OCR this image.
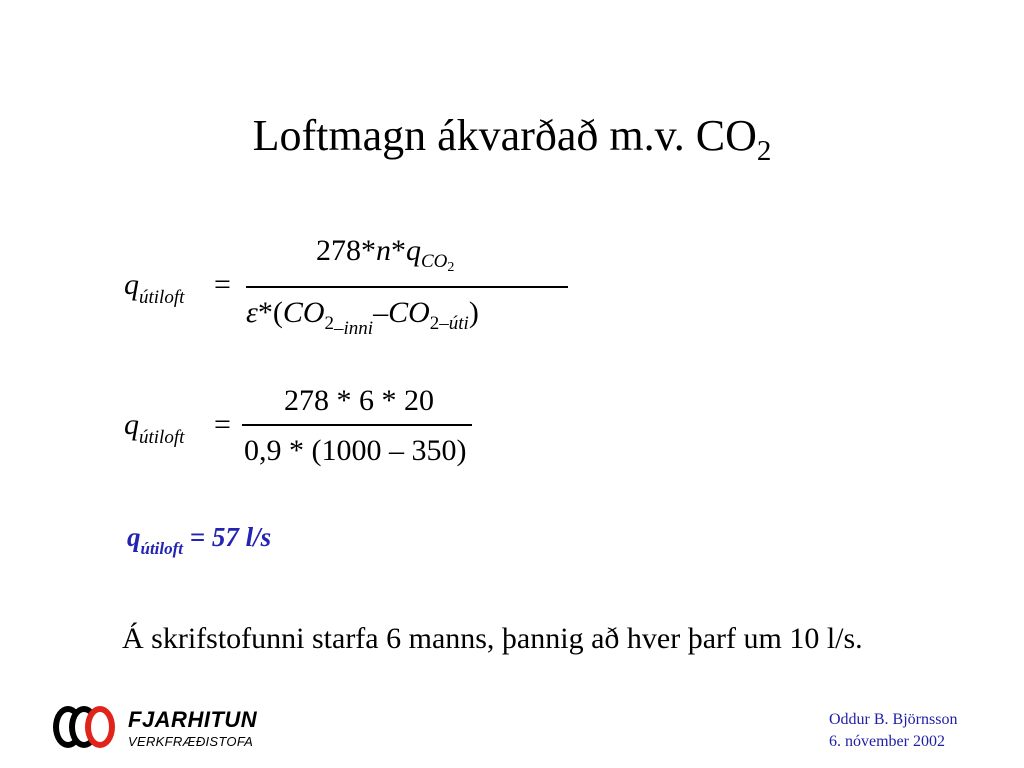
Loftmagn ákvarðað m.v. $CO_2$
$q_{útiloft}$ =
$278*n*q_{CO2}$
$\varepsilon*(CO_{2-inni}-CO_{2-úti})$
$q_{útiloft}$ =
278 * 6 * 20
0,9 * (1000 – 350)
$q_{útiloft} = 57$ l/s
Á skrifstofunni starfa 6 manns, þannig að hver þarf um 10 l/s.
FJARHITUN
VERKFRÆÐISTOFA
Oddur B. Björnsson
6. nóvember 2002
